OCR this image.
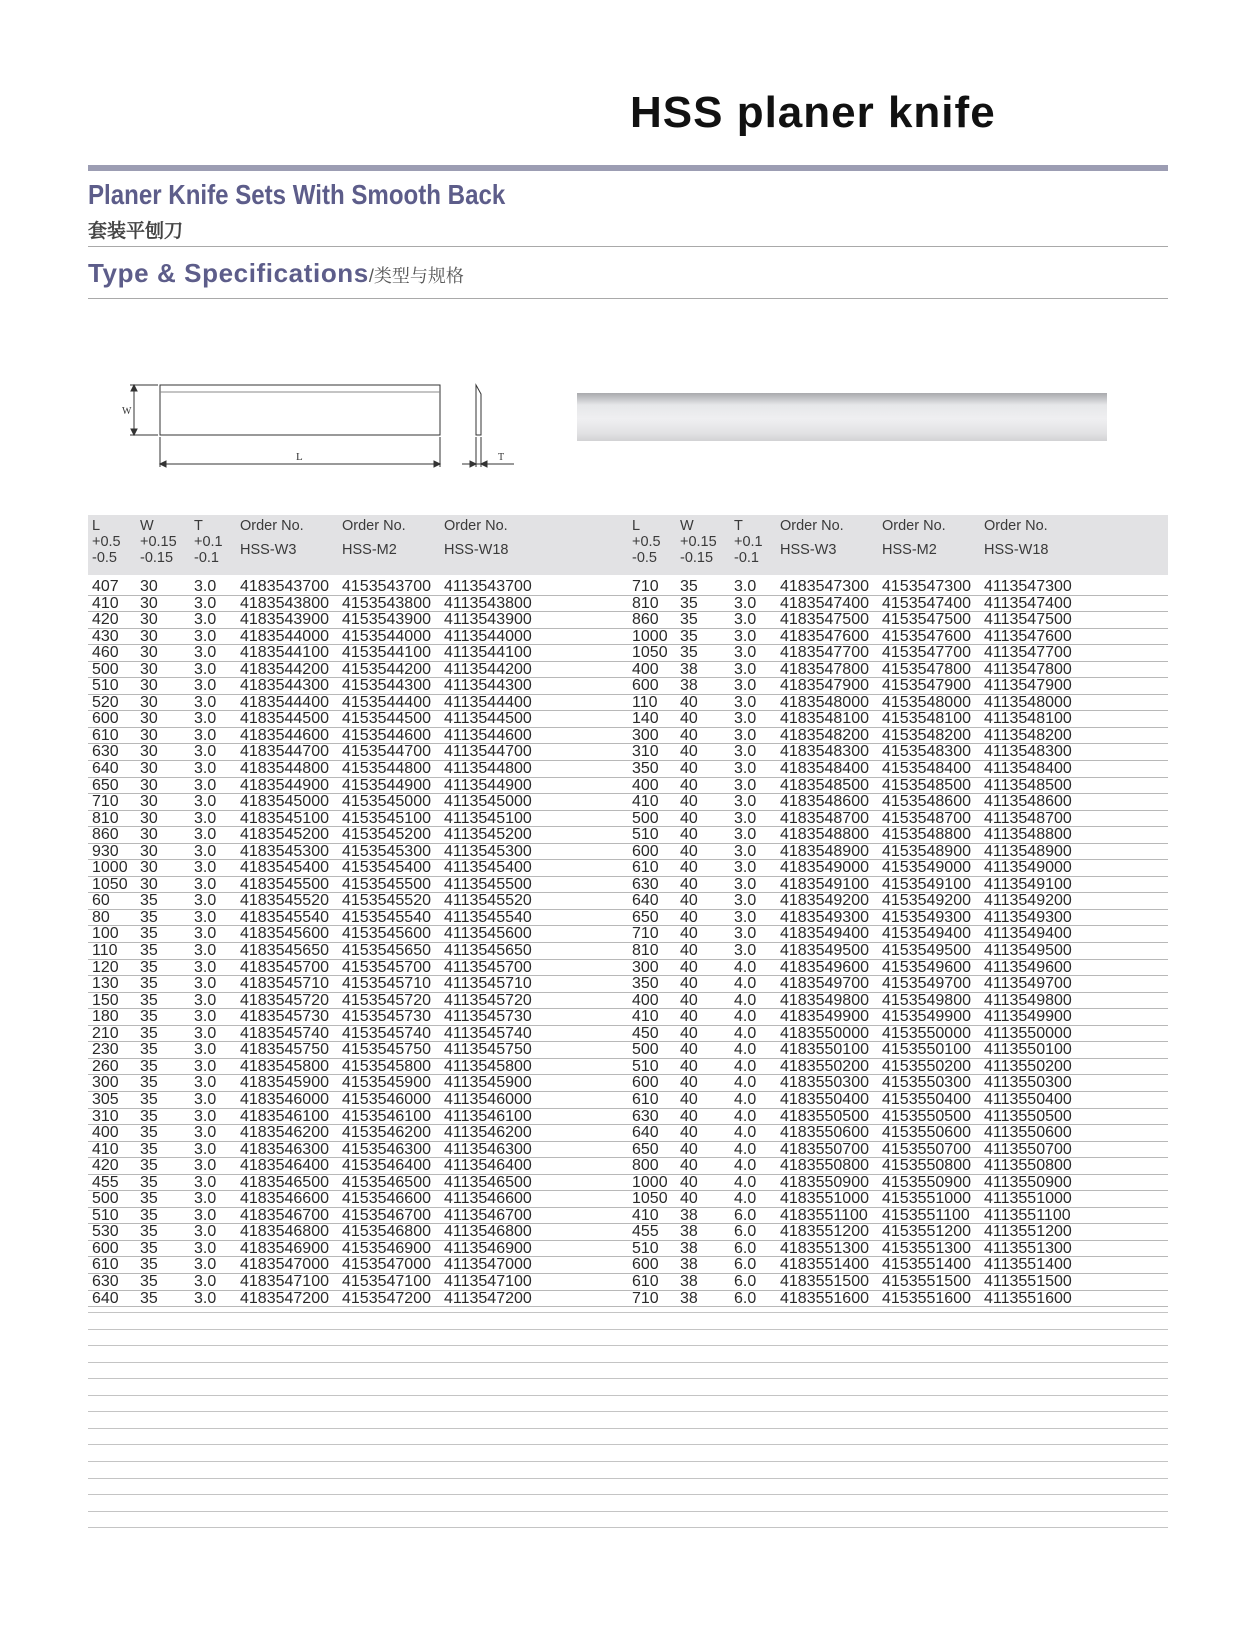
HSS planer knife
Planer Knife Sets With Smooth Back
套装平刨刀
Type & Specifications/类型与规格
W
L	T
L
+0.5
-0.5
W
+0.15
-0.15
T
+0.1
-0.1
Order No.
HSS-W3
Order No.
HSS-M2
Order No.
HSS-W18
L
+0.5
-0.5
W
+0.15
-0.15
T
+0.1
-0.1
Order No.
HSS-W3
Order No.
HSS-M2
Order No.
HSS-W18
407 30 3.0 4183543700 4153543700 4113543700
410 30 3.0 4183543800 4153543800 4113543800
420 30 3.0 4183543900 4153543900 4113543900
430 30 3.0 4183544000 4153544000 4113544000
460 30 3.0 4183544100 4153544100 4113544100
500 30 3.0 4183544200 4153544200 4113544200
510 30 3.0 4183544300 4153544300 4113544300
520 30 3.0 4183544400 4153544400 4113544400
600 30 3.0 4183544500 4153544500 4113544500
610 30 3.0 4183544600 4153544600 4113544600
630 30 3.0 4183544700 4153544700 4113544700
640 30 3.0 4183544800 4153544800 4113544800
650 30 3.0 4183544900 4153544900 4113544900
710 30 3.0 4183545000 4153545000 4113545000
810 30 3.0 4183545100 4153545100 4113545100
860 30 3.0 4183545200 4153545200 4113545200
930 30 3.0 4183545300 4153545300 4113545300
1000 30 3.0 4183545400 4153545400 4113545400
1050 30 3.0 4183545500 4153545500 4113545500
60 35 3.0 4183545520 4153545520 4113545520
80 35 3.0 4183545540 4153545540 4113545540
100 35 3.0 4183545600 4153545600 4113545600
110 35 3.0 4183545650 4153545650 4113545650
120 35 3.0 4183545700 4153545700 4113545700
130 35 3.0 4183545710 4153545710 4113545710
150 35 3.0 4183545720 4153545720 4113545720
180 35 3.0 4183545730 4153545730 4113545730
210 35 3.0 4183545740 4153545740 4113545740
230 35 3.0 4183545750 4153545750 4113545750
260 35 3.0 4183545800 4153545800 4113545800
300 35 3.0 4183545900 4153545900 4113545900
305 35 3.0 4183546000 4153546000 4113546000
310 35 3.0 4183546100 4153546100 4113546100
400 35 3.0 4183546200 4153546200 4113546200
410 35 3.0 4183546300 4153546300 4113546300
420 35 3.0 4183546400 4153546400 4113546400
455 35 3.0 4183546500 4153546500 4113546500
500 35 3.0 4183546600 4153546600 4113546600
510 35 3.0 4183546700 4153546700 4113546700
530 35 3.0 4183546800 4153546800 4113546800
600 35 3.0 4183546900 4153546900 4113546900
610 35 3.0 4183547000 4153547000 4113547000
630 35 3.0 4183547100 4153547100 4113547100
640 35 3.0 4183547200 4153547200 4113547200
710 35 3.0 4183547300 4153547300 4113547300
810 35 3.0 4183547400 4153547400 4113547400
860 35 3.0 4183547500 4153547500 4113547500
1000 35 3.0 4183547600 4153547600 4113547600
1050 35 3.0 4183547700 4153547700 4113547700
400 38 3.0 4183547800 4153547800 4113547800
600 38 3.0 4183547900 4153547900 4113547900
110 40 3.0 4183548000 4153548000 4113548000
140 40 3.0 4183548100 4153548100 4113548100
300 40 3.0 4183548200 4153548200 4113548200
310 40 3.0 4183548300 4153548300 4113548300
350 40 3.0 4183548400 4153548400 4113548400
400 40 3.0 4183548500 4153548500 4113548500
410 40 3.0 4183548600 4153548600 4113548600
500 40 3.0 4183548700 4153548700 4113548700
510 40 3.0 4183548800 4153548800 4113548800
600 40 3.0 4183548900 4153548900 4113548900
610 40 3.0 4183549000 4153549000 4113549000
630 40 3.0 4183549100 4153549100 4113549100
640 40 3.0 4183549200 4153549200 4113549200
650 40 3.0 4183549300 4153549300 4113549300
710 40 3.0 4183549400 4153549400 4113549400
810 40 3.0 4183549500 4153549500 4113549500
300 40 4.0 4183549600 4153549600 4113549600
350 40 4.0 4183549700 4153549700 4113549700
400 40 4.0 4183549800 4153549800 4113549800
410 40 4.0 4183549900 4153549900 4113549900
450 40 4.0 4183550000 4153550000 4113550000
500 40 4.0 4183550100 4153550100 4113550100
510 40 4.0 4183550200 4153550200 4113550200
600 40 4.0 4183550300 4153550300 4113550300
610 40 4.0 4183550400 4153550400 4113550400
630 40 4.0 4183550500 4153550500 4113550500
640 40 4.0 4183550600 4153550600 4113550600
650 40 4.0 4183550700 4153550700 4113550700
800 40 4.0 4183550800 4153550800 4113550800
1000 40 4.0 4183550900 4153550900 4113550900
1050 40 4.0 4183551000 4153551000 4113551000
410 38 6.0 4183551100 4153551100 4113551100
455 38 6.0 4183551200 4153551200 4113551200
510 38 6.0 4183551300 4153551300 4113551300
600 38 6.0 4183551400 4153551400 4113551400
610 38 6.0 4183551500 4153551500 4113551500
710 38 6.0 4183551600 4153551600 4113551600
